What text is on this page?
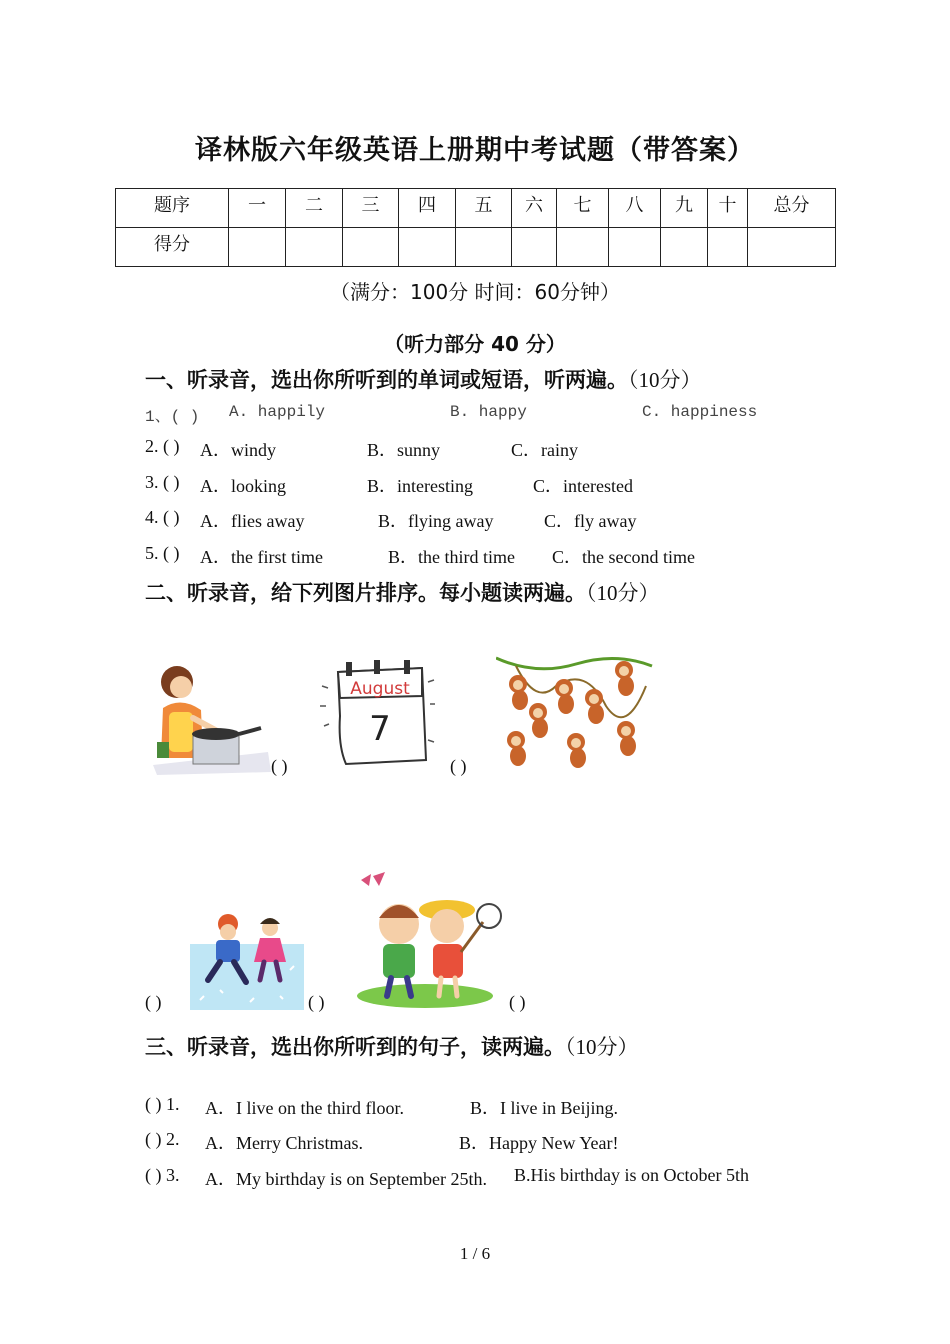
译林版六年级英语上册期中考试题（带答案）
题序	一	二	三	四	五	六	七	八	九	十	总分
得分											
（满分：100分 时间：60分钟）
（听力部分 40 分）
一、听录音，选出你所听到的单词或短语，听两遍。（10分）
1、( ) A. happily	B. happy	C. happiness
2. ( ) A．windy	B．sunny	C．rainy
3. ( ) A．looking	B．interesting	C．interested
4. ( ) A．flies away	B．flying away	C．fly away
5. ( ) A．the first time	B．the third time C．the second time
二、听录音，给下列图片排序。每小题读两遍。（10分）
( )
August
7
( )
( )	( )	( )
三、听录音，选出你所听到的句子，读两遍。（10分）
( ) 1. A．I live on the third floor.	B．I live in Beijing.
( ) 2. A．Merry Christmas.	B．Happy New Year!
( ) 3. A．My birthday is on September 25th. B.His birthday is on October 5th
1 / 6
